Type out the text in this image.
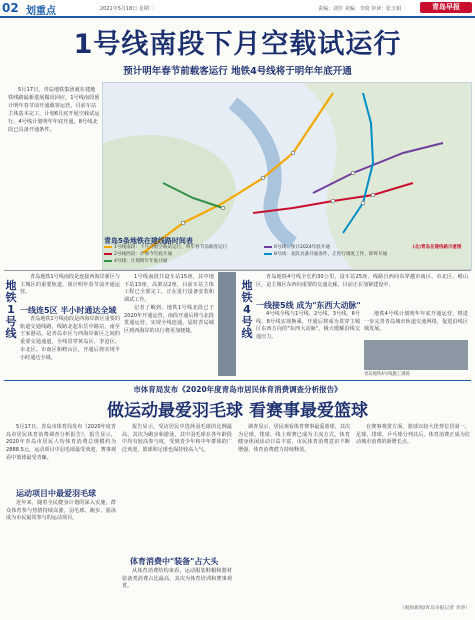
02 划重点	2021年5月18日 星期二	责编：刘佳 美编：李琦 审读：张玉娟	青岛早报
1号线南段下月空载试运行
预计明年春节前载客运行 地铁4号线将于明年年底开通
5月17日，青岛地铁集团就在建地铁线路最新进展做出回应，1号线南段预计明年春节前开通载客运营，目前车站主体基本完工，计划6月底开展空载试运行，4号线计划明年年底开通，8号线北段已具备开通条件。
青岛5条地铁在建线路时间表
1号线南段：下月开始空载试运行，明年春节前载客运行
2号线西段：计划今年底开通
4号线：计划明年年底开通
6号线：预计2024年底开通
8号线：北段具备开通条件，正进行调度工作，即将开通
(北)青岛在建线路示意图
地铁1号线

青岛地铁1号线南段是连接西海岸新区与主城区的重要轨道，预计明年春节前开通运营。

一线连5区 半小时通达全域

青岛地铁1号线南段是西海岸新区重要的轨道交通线路，线路北起东岳中路站，南至王家港站，是青岛市区与西海岸新区之间的重要交通通道，全线贯穿黄岛区、李沧区、市北区、市南区和崂山区，开通后将实现半小时通达全域。

1号线南段共设车站15座，其中地下站13座，高架站2座，目前车站主体工程已全部完工，正在进行设备安装和调试工作。

记者了解到，地铁1号线北段已于2020年开通运营，南段开通后将与北段贯通运营，实现全线连通，届时青岛城区到西海岸的出行将更加便捷。

地铁4号线

青岛地铁4号线全长约30公里，设车站25座，线路自西向东穿越市南区、市北区、崂山区，是主城区东西向重要的交通走廊，目前正在加紧建设中。

一线接5线 成为"东西大动脉"

4号线全线与1号线、2号线、3号线、6号线、8号线实现换乘，开通后将成为贯穿主城区东西方向的"东西大动脉"，极大缓解沿线交通压力。

地铁4号线计划明年年底开通运营，将进一步完善青岛城市轨道交通网络，促进沿线区域发展。

青岛地铁4号线施工现场
市体育局发布《2020年度青岛市居民体育消费调查分析报告》
做运动最爱羽毛球 看赛事最爱篮球

5月17日，青岛市体育局发布《2020年度青岛市居民体育消费调查分析报告》，报告显示，2020年青岛市居民人均体育消费总规模约为2888.5元，运动项目中羽毛球最受欢迎，赛事观看中篮球最受青睐。

运动项目中最爱羽毛球

近年来，随着全民健身计划的深入实施，群众体育参与热情持续高涨，羽毛球、跑步、游泳成为市民最常参与的运动项目。

报告显示，受访居民中选择羽毛球的比例最高，其次为跑步和游泳，其中羽毛球在各年龄段中均有较高参与度，受到青少年和中年群体的广泛欢迎，篮球和足球也保持较高人气。

体育消费中"装备"占大头

从体育消费结构来看，运动服装鞋帽和器材装备类消费占比最高，其次为体育培训和赛事观赏。

调查显示，居民观看体育赛事最爱篮球，其次为足球、排球，线上观赛已成为主流方式，体育健身休闲活动日益丰富，市民体育消费意识不断增强，体育消费潜力持续释放。

在赛事观赏方面，篮球以较大优势位居第一，足球、排球、乒乓球分列其后，体育消费正成为拉动城市消费的新增长点。

（观海新闻/青岛早报记者 李涛）
